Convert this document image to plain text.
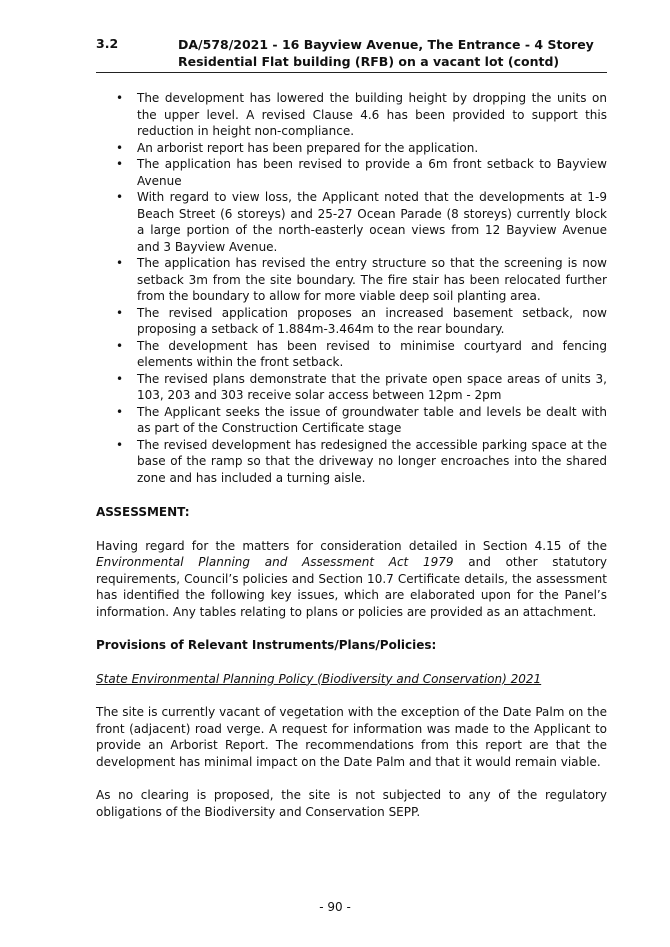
3.2	DA/578/2021 - 16 Bayview Avenue, The Entrance - 4 Storey Residential Flat building (RFB) on a vacant lot (contd)
• The development has lowered the building height by dropping the units on the upper level. A revised Clause 4.6 has been provided to support this reduction in height non-compliance.
• An arborist report has been prepared for the application.
• The application has been revised to provide a 6m front setback to Bayview Avenue
• With regard to view loss, the Applicant noted that the developments at 1-9 Beach Street (6 storeys) and 25-27 Ocean Parade (8 storeys) currently block a large portion of the north-easterly ocean views from 12 Bayview Avenue and 3 Bayview Avenue.
• The application has revised the entry structure so that the screening is now setback 3m from the site boundary. The fire stair has been relocated further from the boundary to allow for more viable deep soil planting area.
• The revised application proposes an increased basement setback, now proposing a setback of 1.884m-3.464m to the rear boundary.
• The development has been revised to minimise courtyard and fencing elements within the front setback.
• The revised plans demonstrate that the private open space areas of units 3, 103, 203 and 303 receive solar access between 12pm - 2pm
• The Applicant seeks the issue of groundwater table and levels be dealt with as part of the Construction Certificate stage
• The revised development has redesigned the accessible parking space at the base of the ramp so that the driveway no longer encroaches into the shared zone and has included a turning aisle.
ASSESSMENT:
Having regard for the matters for consideration detailed in Section 4.15 of the Environmental Planning and Assessment Act 1979 and other statutory requirements, Council’s policies and Section 10.7 Certificate details, the assessment has identified the following key issues, which are elaborated upon for the Panel’s information. Any tables relating to plans or policies are provided as an attachment.
Provisions of Relevant Instruments/Plans/Policies:
State Environmental Planning Policy (Biodiversity and Conservation) 2021
The site is currently vacant of vegetation with the exception of the Date Palm on the front (adjacent) road verge. A request for information was made to the Applicant to provide an Arborist Report. The recommendations from this report are that the development has minimal impact on the Date Palm and that it would remain viable.
As no clearing is proposed, the site is not subjected to any of the regulatory obligations of the Biodiversity and Conservation SEPP.
- 90 -
